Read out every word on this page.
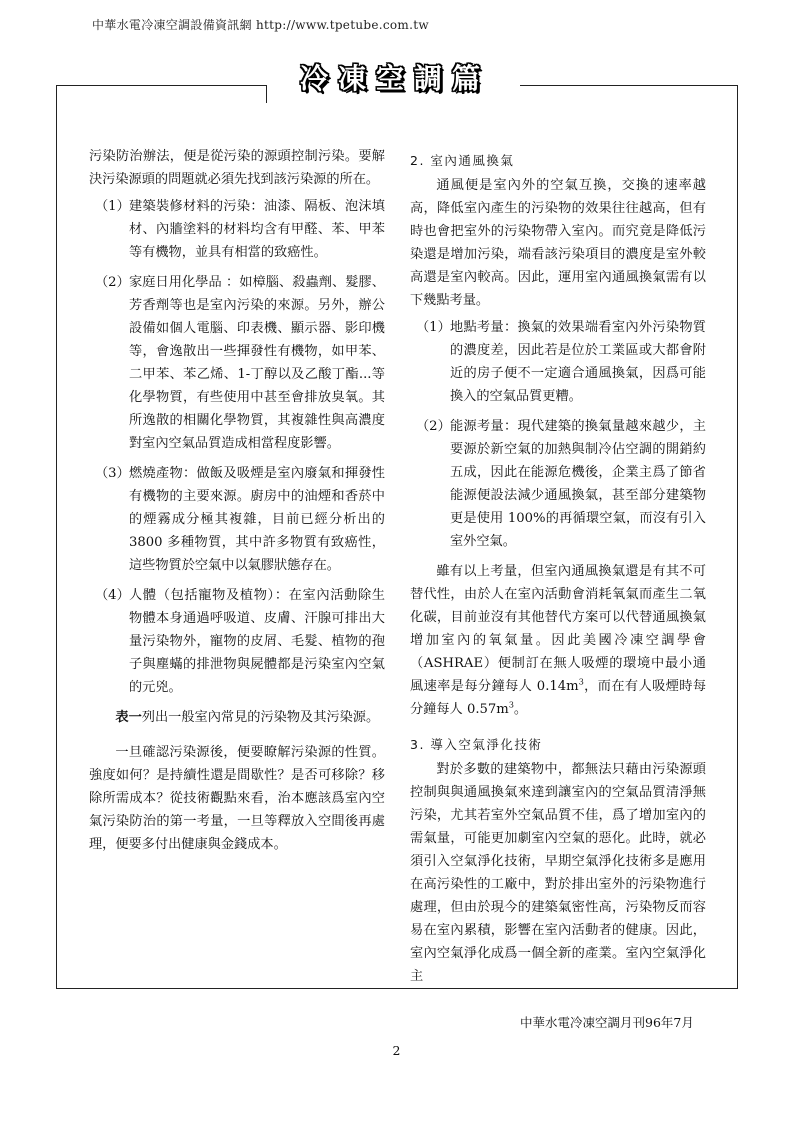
中華水電冷凍空調設備資訊網 http://www.tpetube.com.tw
冷凍空調篇

污染防治辦法，便是從污染的源頭控制污染。要解決污染源頭的問題就必須先找到該污染源的所在。

（1） 建築裝修材料的污染：油漆、隔板、泡沫填材、內牆塗料的材料均含有甲醛、苯、甲苯等有機物，並具有相當的致癌性。
（2） 家庭日用化學品 ：如樟腦、殺蟲劑、髮膠、芳香劑等也是室內污染的來源。另外，辦公設備如個人電腦、印表機、顯示器、影印機等，會逸散出一些揮發性有機物，如甲苯、二甲苯、苯乙烯、1-丁醇以及乙酸丁酯...等化學物質，有些使用中甚至會排放臭氧。其所逸散的相關化學物質，其複雜性與高濃度對室內空氣品質造成相當程度影響。
（3） 燃燒產物：做飯及吸煙是室內廢氣和揮發性有機物的主要來源。廚房中的油煙和香菸中的煙霧成分極其複雜，目前已經分析出的 3800 多種物質，其中許多物質有致癌性，這些物質於空氣中以氣膠狀態存在。
（4） 人體（包括寵物及植物）：在室內活動除生物體本身通過呼吸道、皮膚、汗腺可排出大量污染物外，寵物的皮屑、毛髮、植物的孢子與塵蟎的排泄物與屍體都是污染室內空氣的元兇。

表一列出一般室內常見的污染物及其污染源。

一旦確認污染源後，便要瞭解污染源的性質。強度如何？是持續性還是間歇性？是否可移除？移除所需成本？從技術觀點來看，治本應該爲室內空氣污染防治的第一考量，一旦等釋放入空間後再處理，便要多付出健康與金錢成本。

2. 室內通風換氣

通風便是室內外的空氣互換，交換的速率越高，降低室內產生的污染物的效果往往越高，但有時也會把室外的污染物帶入室內。而究竟是降低污染還是增加污染，端看該污染項目的濃度是室外較高還是室內較高。因此，運用室內通風換氣需有以下幾點考量。

（1） 地點考量：換氣的效果端看室內外污染物質的濃度差，因此若是位於工業區或大都會附近的房子便不一定適合通風換氣，因爲可能換入的空氣品質更糟。
（2） 能源考量：現代建築的換氣量越來越少，主要源於新空氣的加熱與制冷佔空調的開銷約五成，因此在能源危機後，企業主爲了節省能源便設法減少通風換氣，甚至部分建築物更是使用 100%的再循環空氣，而沒有引入室外空氣。

雖有以上考量，但室內通風換氣還是有其不可替代性，由於人在室內活動會消耗氧氣而產生二氧化碳，目前並沒有其他替代方案可以代替通風換氣增加室內的氧氣量。因此美國冷凍空調學會（ASHRAE）便制訂在無人吸煙的環境中最小通風速率是每分鐘每人 $0.14m^3$，而在有人吸煙時每分鐘每人 $0.57m^3$。

3. 導入空氣淨化技術

對於多數的建築物中，都無法只藉由污染源頭控制與與通風換氣來達到讓室內的空氣品質清淨無污染，尤其若室外空氣品質不佳，爲了增加室內的需氣量，可能更加劇室內空氣的惡化。此時，就必須引入空氣淨化技術，早期空氣淨化技術多是應用在高污染性的工廠中，對於排出室外的污染物進行處理，但由於現今的建築氣密性高，污染物反而容易在室內累積，影響在室內活動者的健康。因此，室內空氣淨化成爲一個全新的產業。室內空氣淨化主

中華水電冷凍空調月刊96年7月
2
